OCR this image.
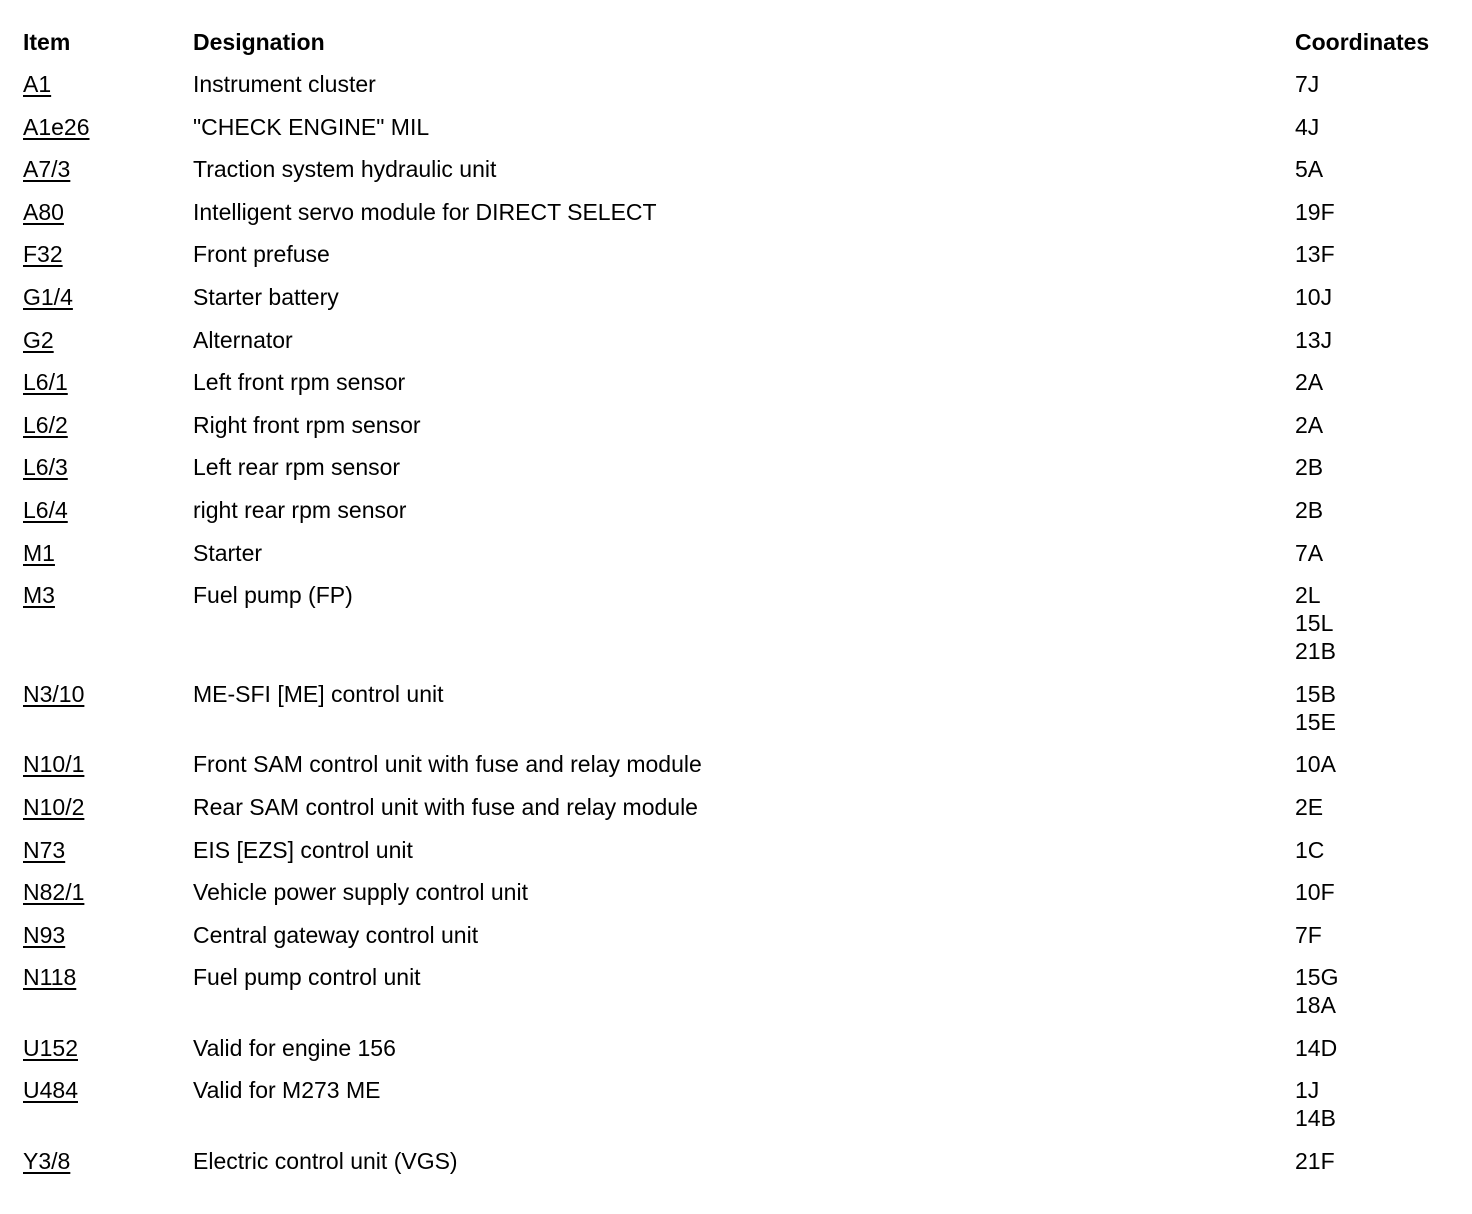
Item	Designation	Coordinates
A1	Instrument cluster	7J
A1e26	"CHECK ENGINE" MIL	4J
A7/3	Traction system hydraulic unit	5A
A80	Intelligent servo module for DIRECT SELECT	19F
F32	Front prefuse	13F
G1/4	Starter battery	10J
G2	Alternator	13J
L6/1	Left front rpm sensor	2A
L6/2	Right front rpm sensor	2A
L6/3	Left rear rpm sensor	2B
L6/4	right rear rpm sensor	2B
M1	Starter	7A
M3	Fuel pump (FP)	2L
15L
21B
N3/10	ME-SFI [ME] control unit	15B
15E
N10/1	Front SAM control unit with fuse and relay module	10A
N10/2	Rear SAM control unit with fuse and relay module	2E
N73	EIS [EZS] control unit	1C
N82/1	Vehicle power supply control unit	10F
N93	Central gateway control unit	7F
N118	Fuel pump control unit	15G
18A
U152	Valid for engine 156	14D
U484	Valid for M273 ME	1J
14B
Y3/8	Electric control unit (VGS)	21F
